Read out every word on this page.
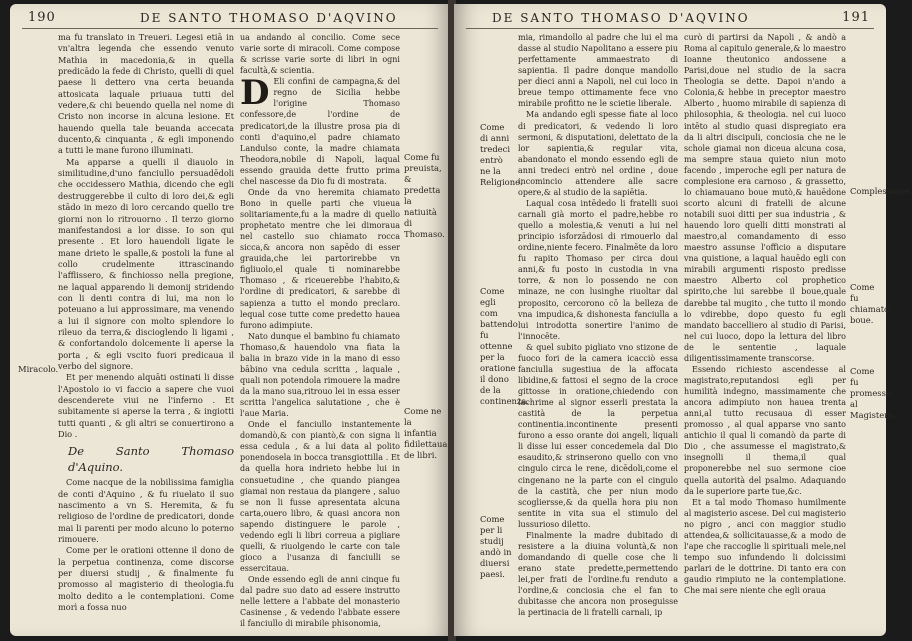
190	DE SANTO THOMASO D'AQVINO

ma fu translato in Treueri. Legesi etiā in vn'altra legenda che essendo venuto Mathia in macedonia,& in quella predicādo la fede di Christo, quelli di quel paese li dettero vna certa beuanda attosicata laquale priuaua tutti del vedere,& chi beuendo quella nel nome di Cristo non incorse in alcuna lesione. Et hauendo quella tale beuanda accecata ducento,& cinquanta , & egli imponendo a tutti le mane furono illuminati.

Ma apparse a quelli il diauolo in similitudine,d'uno fanciullo persuadēdoli che occidessero Mathia, dicendo che egli destruggerebbe il culto di loro dei,& egli stādo in mezo di loro cercando quello tre giorni non lo ritrouorno . Il terzo giorno manifestandosi a lor disse. Io son qui presente . Et loro hauendoli ligate le mane drieto le spalle,& postoli la fune al collo crudelmente ittrascinando l'afflissero, & finchiosso nella pregione, ne laqual apparendo li demonij stridendo con li denti contra di lui, ma non lo poteuano a lui approssimare, ma venendo a lui il signore con molto splendore lo rileuo da terra,& discioglendo li ligami , & confortandolo dolcemente li aperse la porta , & egli vscito fuori predicaua il verbo del signore.

Et per menendo alquāti ostinati li disse l'Apostolo io vi faccio a sapere che vuoi descenderete viui ne l'inferno . Et subitamente si aperse la terra , & ingiotti tutti quanti , & gli altri se conuertirono a Dio .

De Santo Thomaso d'Aquino.

Come nacque de la nobilissima famiglia de conti d'Aquino , & fu riuelato il suo nascimento a vn S. Heremita, & fu religioso de l'ordine de predicatori, donde mai li parenti per modo alcuno lo poterno rimouere.

Come per le orationi ottenne il dono de la perpetua continenza, come discorse per diuersi studij , & finalmente fu promosso al magisterio di theologia.fu molto dedito a le contemplationi. Come morì a fossa nuo

Miracolo.

ua andando al concilio. Come sece varie sorte di miracoli. Come compose & scrisse varie sorte di libri in ogni facultà,& scientia.

D Eli confini de campagna,& del regno de Sicilia hebbe l'origine Thomaso confessore,de l'ordine de predicatori,de la illustre prosa pia di conti d'aquino,el padre chiamato Landulso conte, la madre chiamata Theodora,nobile di Napoli, laqual essendo grauida dette frutto prima chel nascesse da Dio fu di mostrata.

Onde da vno heremita chiamato Bono in quelle parti che viueua solitariamente,fu a la madre di quello prophetato mentre che lei dimoraua nel castello suo chiamato rocca sicca,& ancora non sapēdo di esser grauida,che lei partorirebbe vn figliuolo,el quale ti nominarebbe Thomaso , & riceuerebbe l'habito,& l'ordine di predicatori, & sarebbe di sapienza a tutto el mondo preclaro. lequal cose tutte come predetto hauea furono adimpiute.

Nato dunque el bambino fu chiamato Thomaso,& hauendolo vna fiata la balia in brazo vide in la mano di esso bābino vna cedula scritta , laquale , quali non potendola rimouere la madre da la mano sua,ritrouo lei in essa esser scritta l'angelica salutatione , che è l'aue Maria.

Onde el fanciullo instantemente domandò,& con piantò,& con signa li essa cedula , & a lui data al polito ponendosela in bocca transgiottilla . Et da quella hora indrieto hebbe lui in consuetudine , che quando piangea giamai non restaua da piangere , saluo se non li fusse apresentata alcuna carta,ouero libro, & quasi ancora non sapendo distinguere le parole , vedendo egli li libri correua a pigliare quelli, & riuolgendo le carte con tale gioco a l'usanza di fanciulli se essercitaua.

Onde essendo egli de anni cinque fu dal padre suo dato ad essere instrutto nelle lettere a l'abbate del monasterio Casinense , & vedendo l'abbate essere il fanciullo di mirabile phisonomia,

Come fu preuista, & predetta la natiuità di Thomaso.
Come ne la infantia fidilettaua de libri.
DE SANTO THOMASO D'AQVINO	191
Come di anni tredeci entrò ne la Religione.
Come egli com battendo fu ottenne per la oratione il dono de la continenza.
Come per li studij andò in diuersi paesi.

mia, rimandollo al padre che lui el ma dasse al studio Napolitano a essere piu perfettamente ammaestrato di sapientia. Il padre donque mandollo per dieci anni a Napoli, nel cui loco in breue tempo ottimamente fece vno mirabile profitto ne le scietie liberale.

Ma andando egli spesse fiate al loco di predicatori, & vedendo li loro sermoni, & disputationi, delettato de la lor sapientia,& regular vita, abandonato el mondo essendo egli de anni tredeci entrò nel ordine , doue incomincio attendere alle sacre opere,& al studio de la sapiētia.

Laqual cosa intēdedo li fratelli suoi carnali già morto el padre,hebbe ro quello a molestia,& venuti a lui nel principio isforzādosi di rimouerlo dal ordine,niente fecero. Finalmēte da loro fu rapito Thomaso per circa doui anni,& fu posto in custodia in vna torre, & non lo possendo ne con minaze, ne con lusinghe riuoltar dal proposito, cercorono cō la belleza de vna impudica,& dishonesta fanciulla a lui introdotta sonertire l'animo de l'innocēte.

& quel subito pigliato vno stizone de fuoco fori de la camera icacciò essa fanciulla sugestiua de la affocata libidine,& fattosi el segno de la croce gittosse in oratione,chiedendo con lachrime al signor esserli prestata la castità de la perpetua continentia.incontinente presenti furono a esso orante doi angeli, liquali li disse lui esser concedemela dal Dio esaudito,& strinserono quello con vno cingulo circa le rene, dicēdoli,come el cingenano ne la parte con el cingulo de la castità, che per niun modo scogliersse,& da quella hora piu non sentite in vita sua el stimulo del lussurioso diletto.

Finalmente la madre dubitado di resistere a la diuina voluntà,& non domandando di quelle cose che li erano state predette,permettendo lei,per frati de l'ordine.fu renduto a l'ordine,& conciosia che el fan to dubitasse che ancora non proseguisse la pertinacia de li fratelli carnali, ip

curò di partirsi da Napoli , & andò a Roma al capitulo generale,& lo maestro Ioanne theutonico andossene a Parisi,doue nel studio de la sacra Theologia se dette. Dapoi n'ando a Colonia,& hebbe in preceptor maestro Alberto , huomo mirabile di sapienza di philosophia, & theologia. nel cui luoco intēto al studio quasi dispregiato era da li altri discipuli, conciosia che ne le schole giamai non diceua alcuna cosa, ma sempre staua quieto niun moto facendo , imperoche egli per natura de complesione era carnoso , & grassetto, lo chiamauano boue mutò,& hauēdone scorto alcuni di fratelli de alcune notabili suoi ditti per sua industria , & hauendo loro quelli ditti monstrati al maestro,al comandamento di esso maestro assunse l'officio a disputare vna quistione, a laqual hauēdo egli con mirabili argumenti risposto predisse maestro Alberto col prophetico spirito,che lui sarebbe il boue,quale darebbe tal mugito , che tutto il mondo lo vdirebbe, dopo questo fu egli mandato baccelliero al studio di Parisi, nel cui luoco, dopo la lettura del libro de le sententie , laquale diligentissimamente transcorse.

Essendo richiesto ascendesse al magistrato,reputandosi egli per humilità indegno, massimamente che ancora adimpiuto non hauea trenta anni,al tutto recusaua di esser promosso , al qual apparse vno santo antichio il qual li comandò da parte di Dio , che assumesse el magistrato,& insegnolli il thema,il qual proponerebbe nel suo sermone cioe quella autorità del psalmo. Adaquando da le superiore parte tue,&c.

Et a tal modo Thomaso humilmente al magisterio ascese. Del cui magisterio no pigro , anci con maggior studio attendea,& sollicitauasse,& a modo de l'ape che raccoglie li spirituali mele,nel tempo suo infundendo li dolcissimi parlari de le dottrine. Di tanto era con gaudio rimpiuto ne la contemplatione. Che mai sere niente che egli oraua

Complessione.
Come fu chiamato boue.
Come fu promesso al Magistero.
